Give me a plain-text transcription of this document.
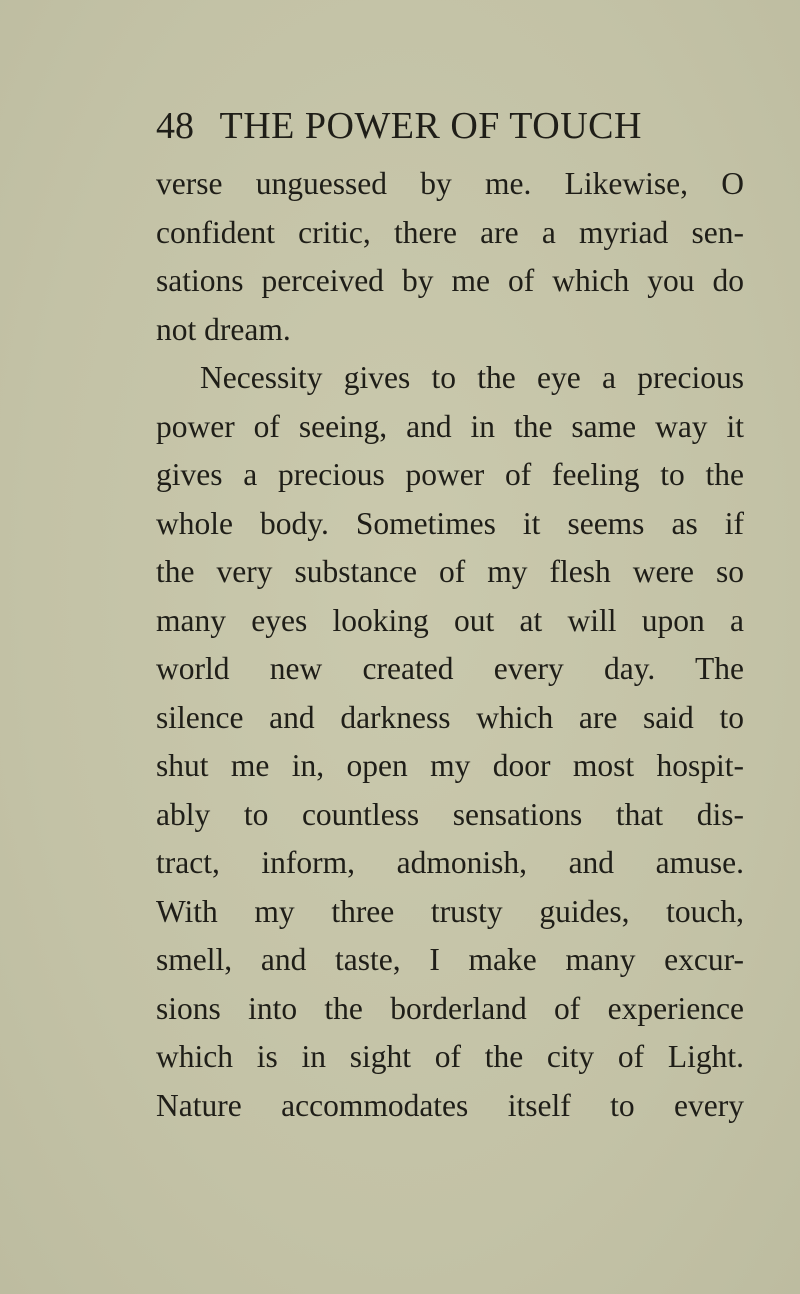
48 THE POWER OF TOUCH
verse unguessed by me. Likewise, O
confident critic, there are a myriad sen-
sations perceived by me of which you do
not dream.
Necessity gives to the eye a precious
power of seeing, and in the same way it
gives a precious power of feeling to the
whole body. Sometimes it seems as if
the very substance of my flesh were so
many eyes looking out at will upon a
world new created every day. The
silence and darkness which are said to
shut me in, open my door most hospit-
ably to countless sensations that dis-
tract, inform, admonish, and amuse.
With my three trusty guides, touch,
smell, and taste, I make many excur-
sions into the borderland of experience
which is in sight of the city of Light.
Nature accommodates itself to every
